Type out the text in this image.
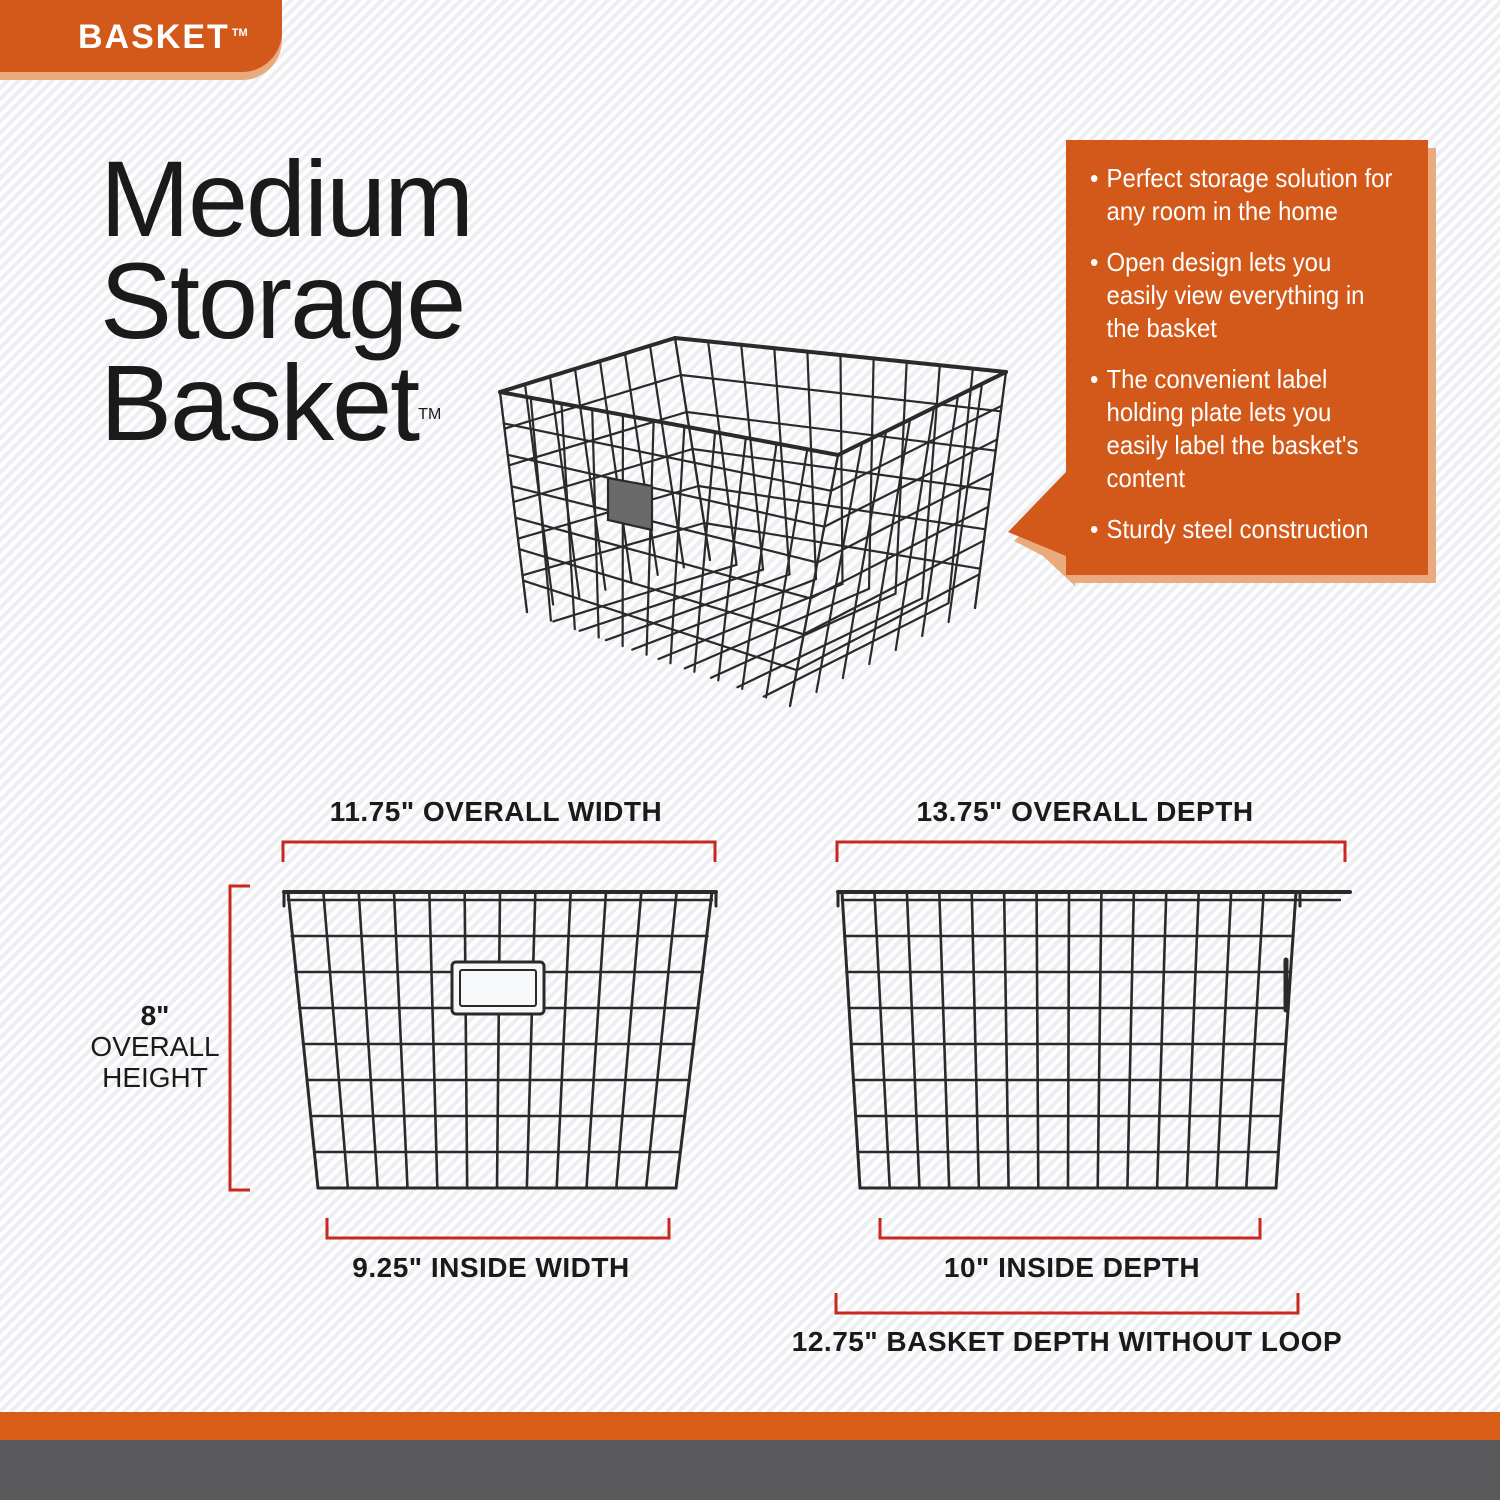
BASKET ™
Medium
Storage
Basket™
• Perfect storage solution for any room in the home
• Open design lets you easily view everything in the basket
• The convenient label holding plate lets you easily label the basket's content
• Sturdy steel construction
11.75" OVERALL WIDTH	13.75" OVERALL DEPTH
8"
OVERALL
HEIGHT
9.25" INSIDE WIDTH	10" INSIDE DEPTH
12.75" BASKET DEPTH WITHOUT LOOP
